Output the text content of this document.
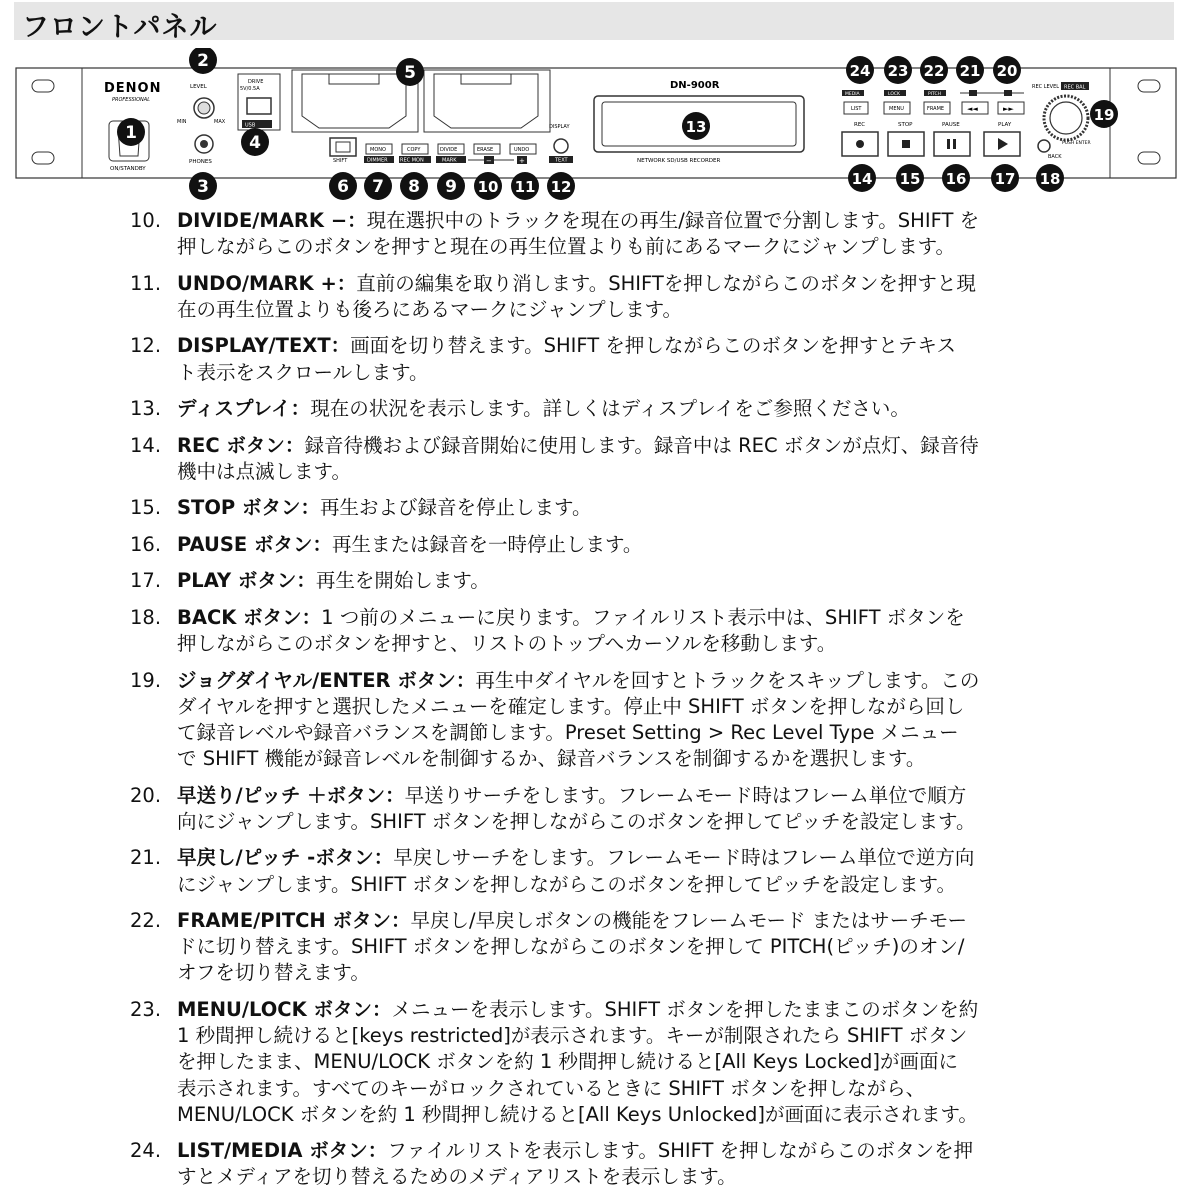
フロントパネル
DENON
PROFESSIONAL
ON/STANDBY
LEVEL
MIN	MAX
PHONES
DRIVE
5V/0.5A
USB
SHIFT
MONO
DIMMER
COPY
REC MON
DIVIDE
MARK
ERASE	UNDO
−	+
DISPLAY
TEXT
DN-900R
NETWORK SD/USB RECORDER
MEDIA
LIST
LOCK
MENU
PITCH
FRAME	◄◄	►►
REC	STOP	PAUSE	PLAY
REC LEVEL REC BAL
PUSH ENTER
BACK
1
2
3
4
5
6 7 8 9 10 11 12
13
14 15 16 17 18
19
20
21
22
23
24
10. DIVIDE/MARK −：現在選択中のトラックを現在の再生/録音位置で分割します。SHIFT を
押しながらこのボタンを押すと現在の再生位置よりも前にあるマークにジャンプします。
11. UNDO/MARK +：直前の編集を取り消します。SHIFTを押しながらこのボタンを押すと現
在の再生位置よりも後ろにあるマークにジャンプします。
12. DISPLAY/TEXT：画面を切り替えます。SHIFT を押しながらこのボタンを押すとテキス
ト表示をスクロールします。
13. ディスプレイ：現在の状況を表示します。詳しくはディスプレイをご参照ください。
14. REC ボタン：録音待機および録音開始に使用します。録音中は REC ボタンが点灯、録音待
機中は点滅します。
15. STOP ボタン：再生および録音を停止します。
16. PAUSE ボタン：再生または録音を一時停止します。
17. PLAY ボタン：再生を開始します。
18. BACK ボタン：1 つ前のメニューに戻ります。ファイルリスト表示中は、SHIFT ボタンを
押しながらこのボタンを押すと、リストのトップへカーソルを移動します。
19. ジョグダイヤル/ENTER ボタン：再生中ダイヤルを回すとトラックをスキップします。この
ダイヤルを押すと選択したメニューを確定します。停止中 SHIFT ボタンを押しながら回し
て録音レベルや録音バランスを調節します。Preset Setting > Rec Level Type メニュー
で SHIFT 機能が録音レベルを制御するか、録音バランスを制御するかを選択します。
20. 早送り/ピッチ ＋ボタン：早送りサーチをします。フレームモード時はフレーム単位で順方
向にジャンプします。SHIFT ボタンを押しながらこのボタンを押してピッチを設定します。
21. 早戻し/ピッチ -ボタン：早戻しサーチをします。フレームモード時はフレーム単位で逆方向
にジャンプします。SHIFT ボタンを押しながらこのボタンを押してピッチを設定します。
22. FRAME/PITCH ボタン：早戻し/早戻しボタンの機能をフレームモード またはサーチモー
ドに切り替えます。SHIFT ボタンを押しながらこのボタンを押して PITCH(ピッチ)のオン/
オフを切り替えます。
23. MENU/LOCK ボタン：メニューを表示します。SHIFT ボタンを押したままこのボタンを約
1 秒間押し続けると[keys restricted]が表示されます。キーが制限されたら SHIFT ボタン
を押したまま、MENU/LOCK ボタンを約 1 秒間押し続けると[All Keys Locked]が画面に
表示されます。すべてのキーがロックされているときに SHIFT ボタンを押しながら、
MENU/LOCK ボタンを約 1 秒間押し続けると[All Keys Unlocked]が画面に表示されます。
24. LIST/MEDIA ボタン：ファイルリストを表示します。SHIFT を押しながらこのボタンを押
すとメディアを切り替えるためのメディアリストを表示します。
